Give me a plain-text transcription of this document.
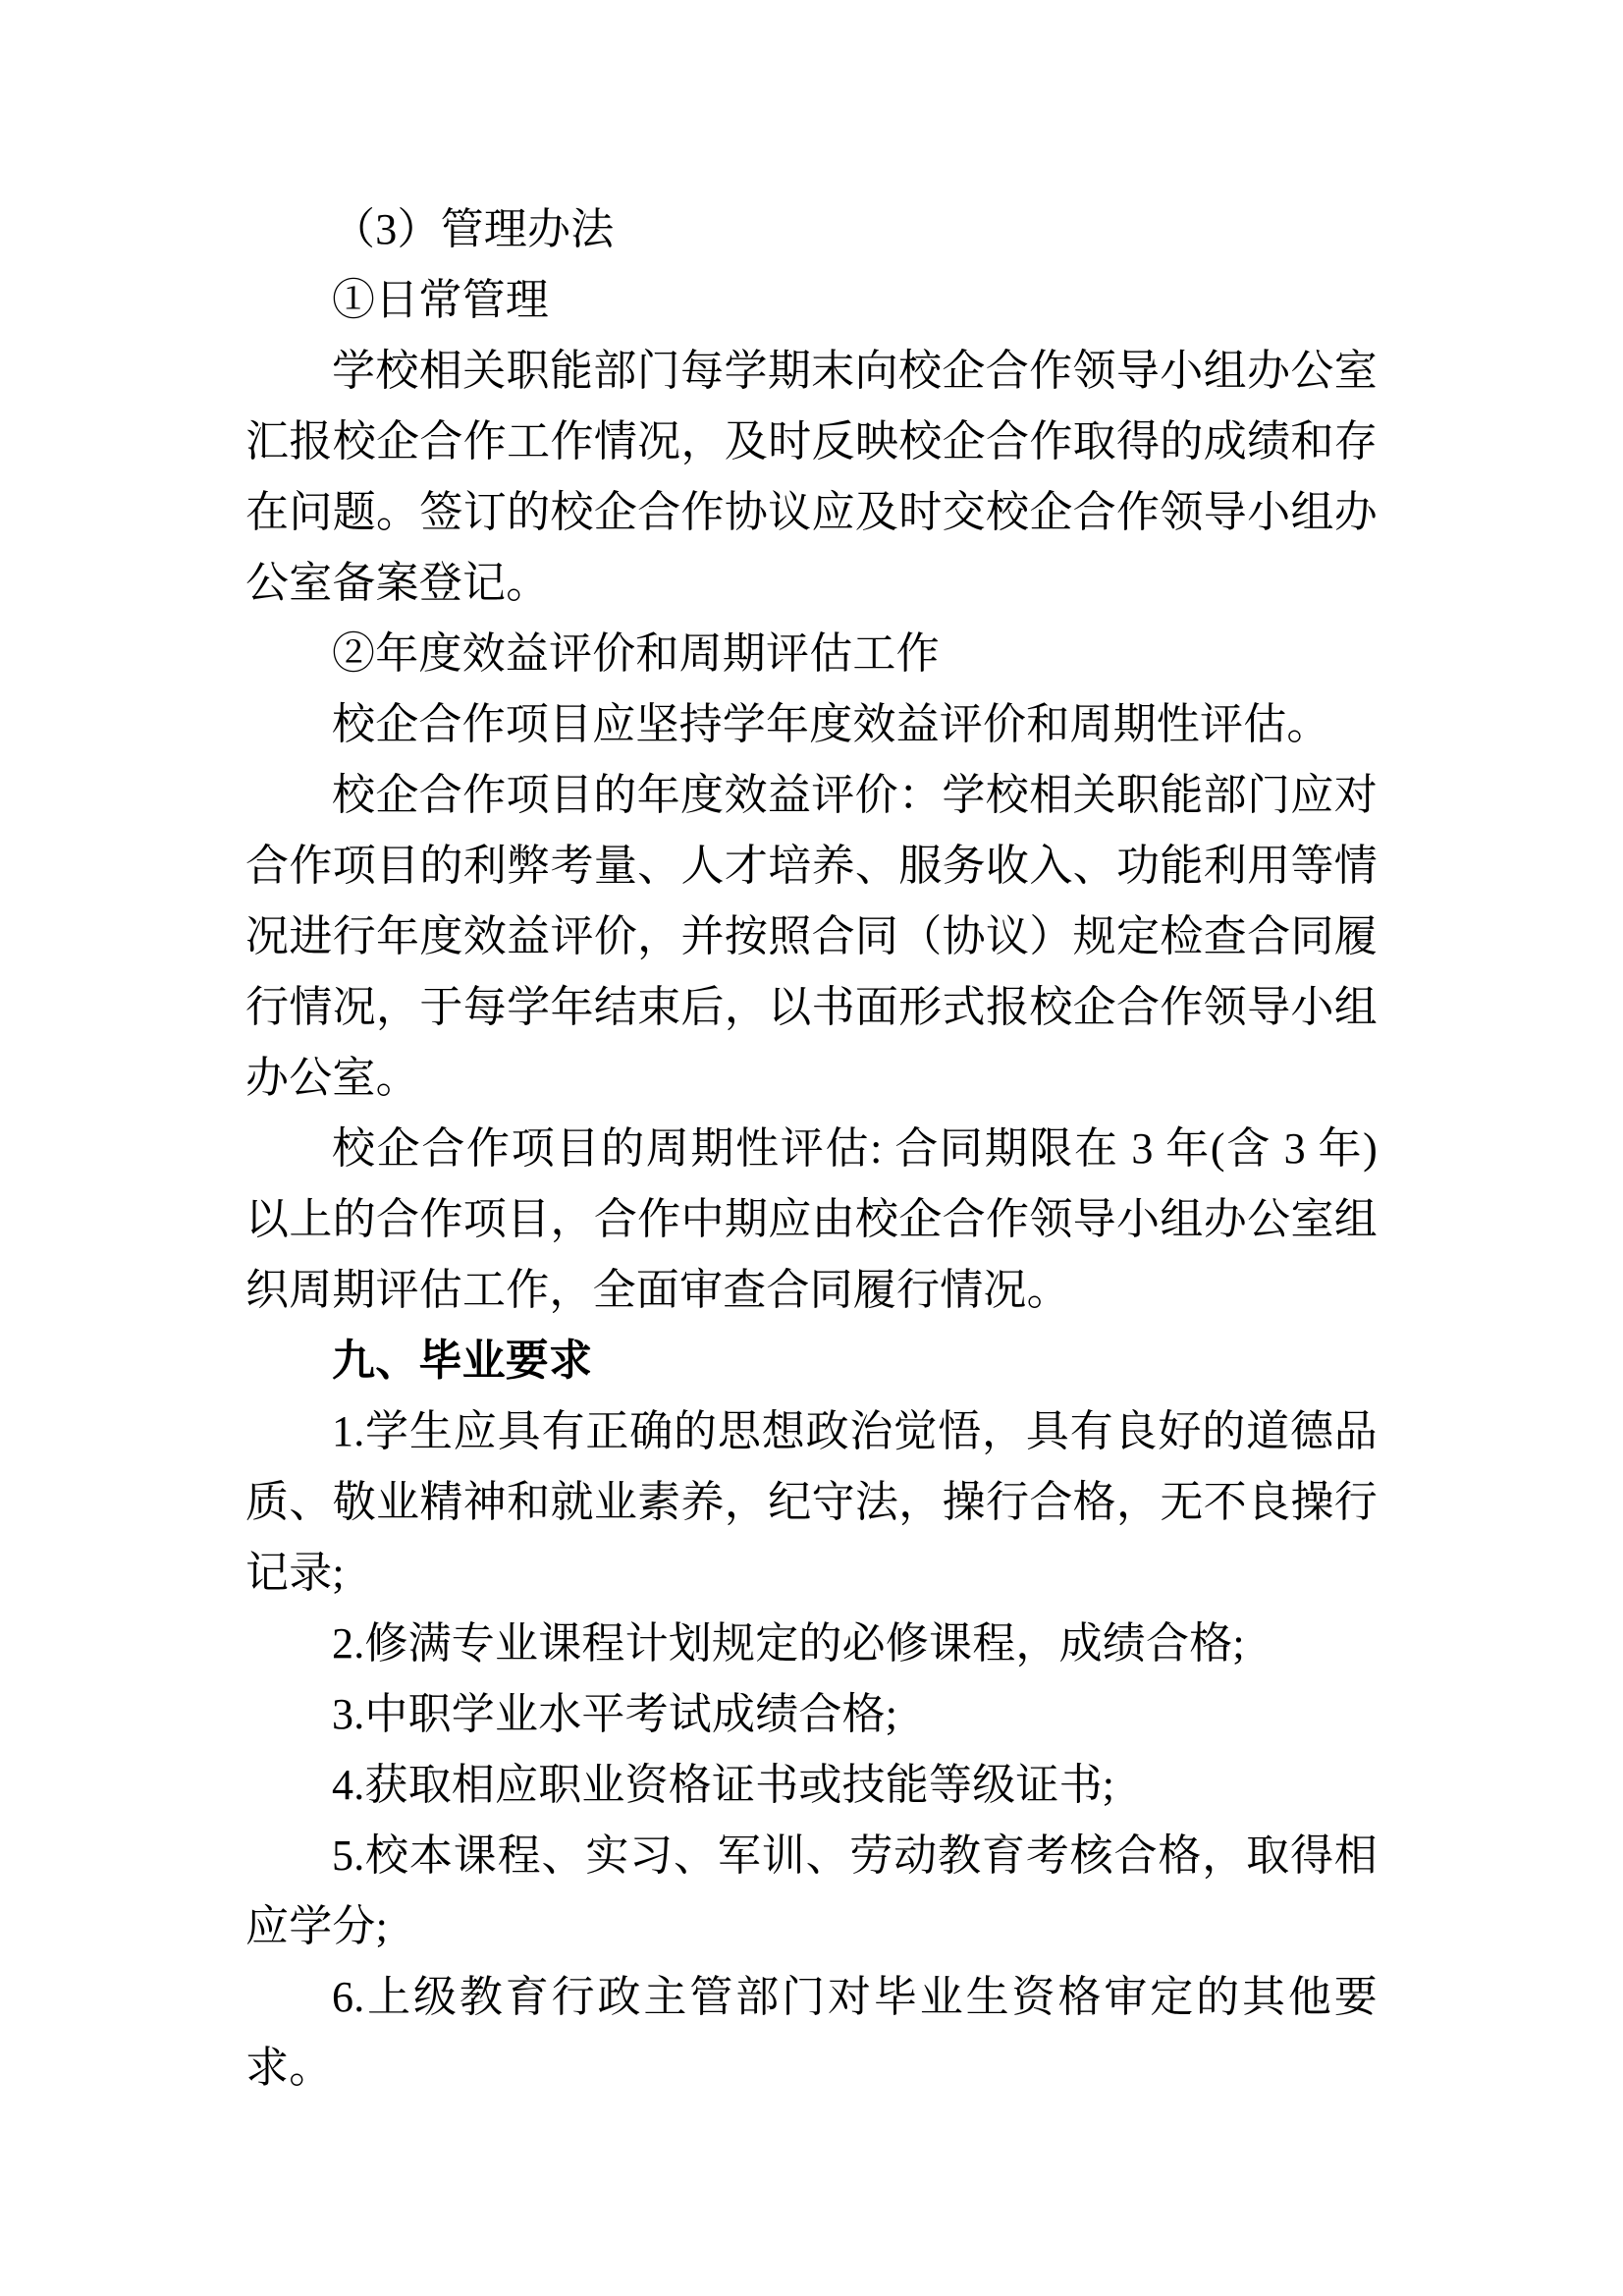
（3）管理办法

①日常管理

学校相关职能部门每学期末向校企合作领导小组办公室汇报校企合作工作情况，及时反映校企合作取得的成绩和存在问题。签订的校企合作协议应及时交校企合作领导小组办公室备案登记。

②年度效益评价和周期评估工作

校企合作项目应坚持学年度效益评价和周期性评估。

校企合作项目的年度效益评价：学校相关职能部门应对合作项目的利弊考量、人才培养、服务收入、功能利用等情况进行年度效益评价，并按照合同（协议）规定检查合同履行情况，于每学年结束后，以书面形式报校企合作领导小组办公室。

校企合作项目的周期性评估: 合同期限在 3 年(含 3 年)以上的合作项目，合作中期应由校企合作领导小组办公室组织周期评估工作，全面审查合同履行情况。

九、毕业要求

1.学生应具有正确的思想政治觉悟，具有良好的道德品质、敬业精神和就业素养，纪守法，操行合格，无不良操行记录;

2.修满专业课程计划规定的必修课程，成绩合格;

3.中职学业水平考试成绩合格;

4.获取相应职业资格证书或技能等级证书;

5.校本课程、实习、军训、劳动教育考核合格，取得相应学分;

6.上级教育行政主管部门对毕业生资格审定的其他要求。
